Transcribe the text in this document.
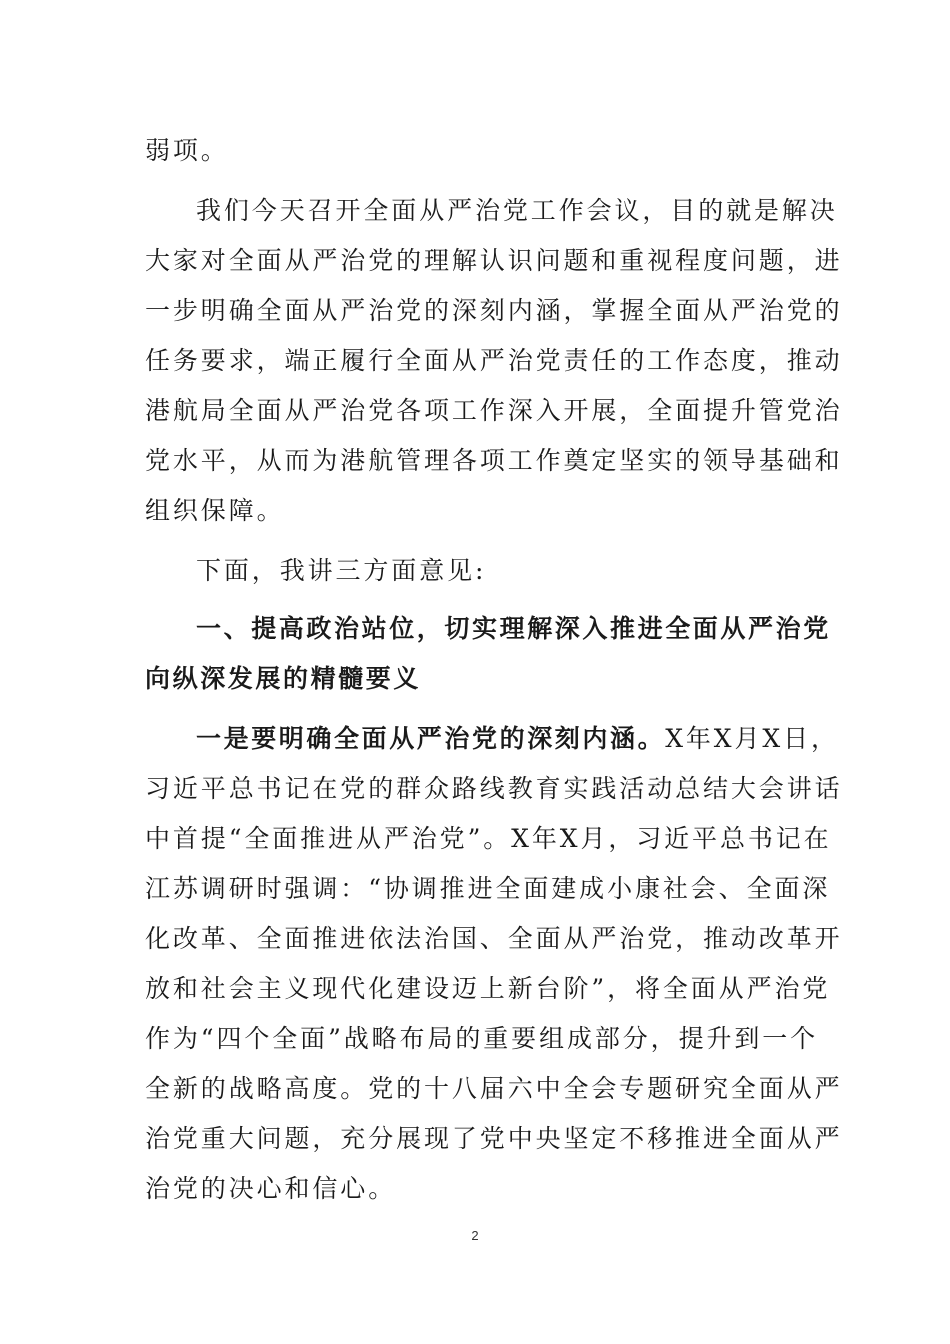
弱项。
我们今天召开全面从严治党工作会议，目的就是解决
大家对全面从严治党的理解认识问题和重视程度问题，进
一步明确全面从严治党的深刻内涵，掌握全面从严治党的
任务要求，端正履行全面从严治党责任的工作态度，推动
港航局全面从严治党各项工作深入开展，全面提升管党治
党水平，从而为港航管理各项工作奠定坚实的领导基础和
组织保障。
下面，我讲三方面意见:
一、提高政治站位，切实理解深入推进全面从严治党
向纵深发展的精髓要义
一是要明确全面从严治党的深刻内涵。X年X月X日，
习近平总书记在党的群众路线教育实践活动总结大会讲话
中首提“全面推进从严治党”。X年X月，习近平总书记在
江苏调研时强调：“协调推进全面建成小康社会、全面深
化改革、全面推进依法治国、全面从严治党，推动改革开
放和社会主义现代化建设迈上新台阶”，将全面从严治党
作为“四个全面”战略布局的重要组成部分，提升到一个
全新的战略高度。党的十八届六中全会专题研究全面从严
治党重大问题，充分展现了党中央坚定不移推进全面从严
治党的决心和信心。
2
